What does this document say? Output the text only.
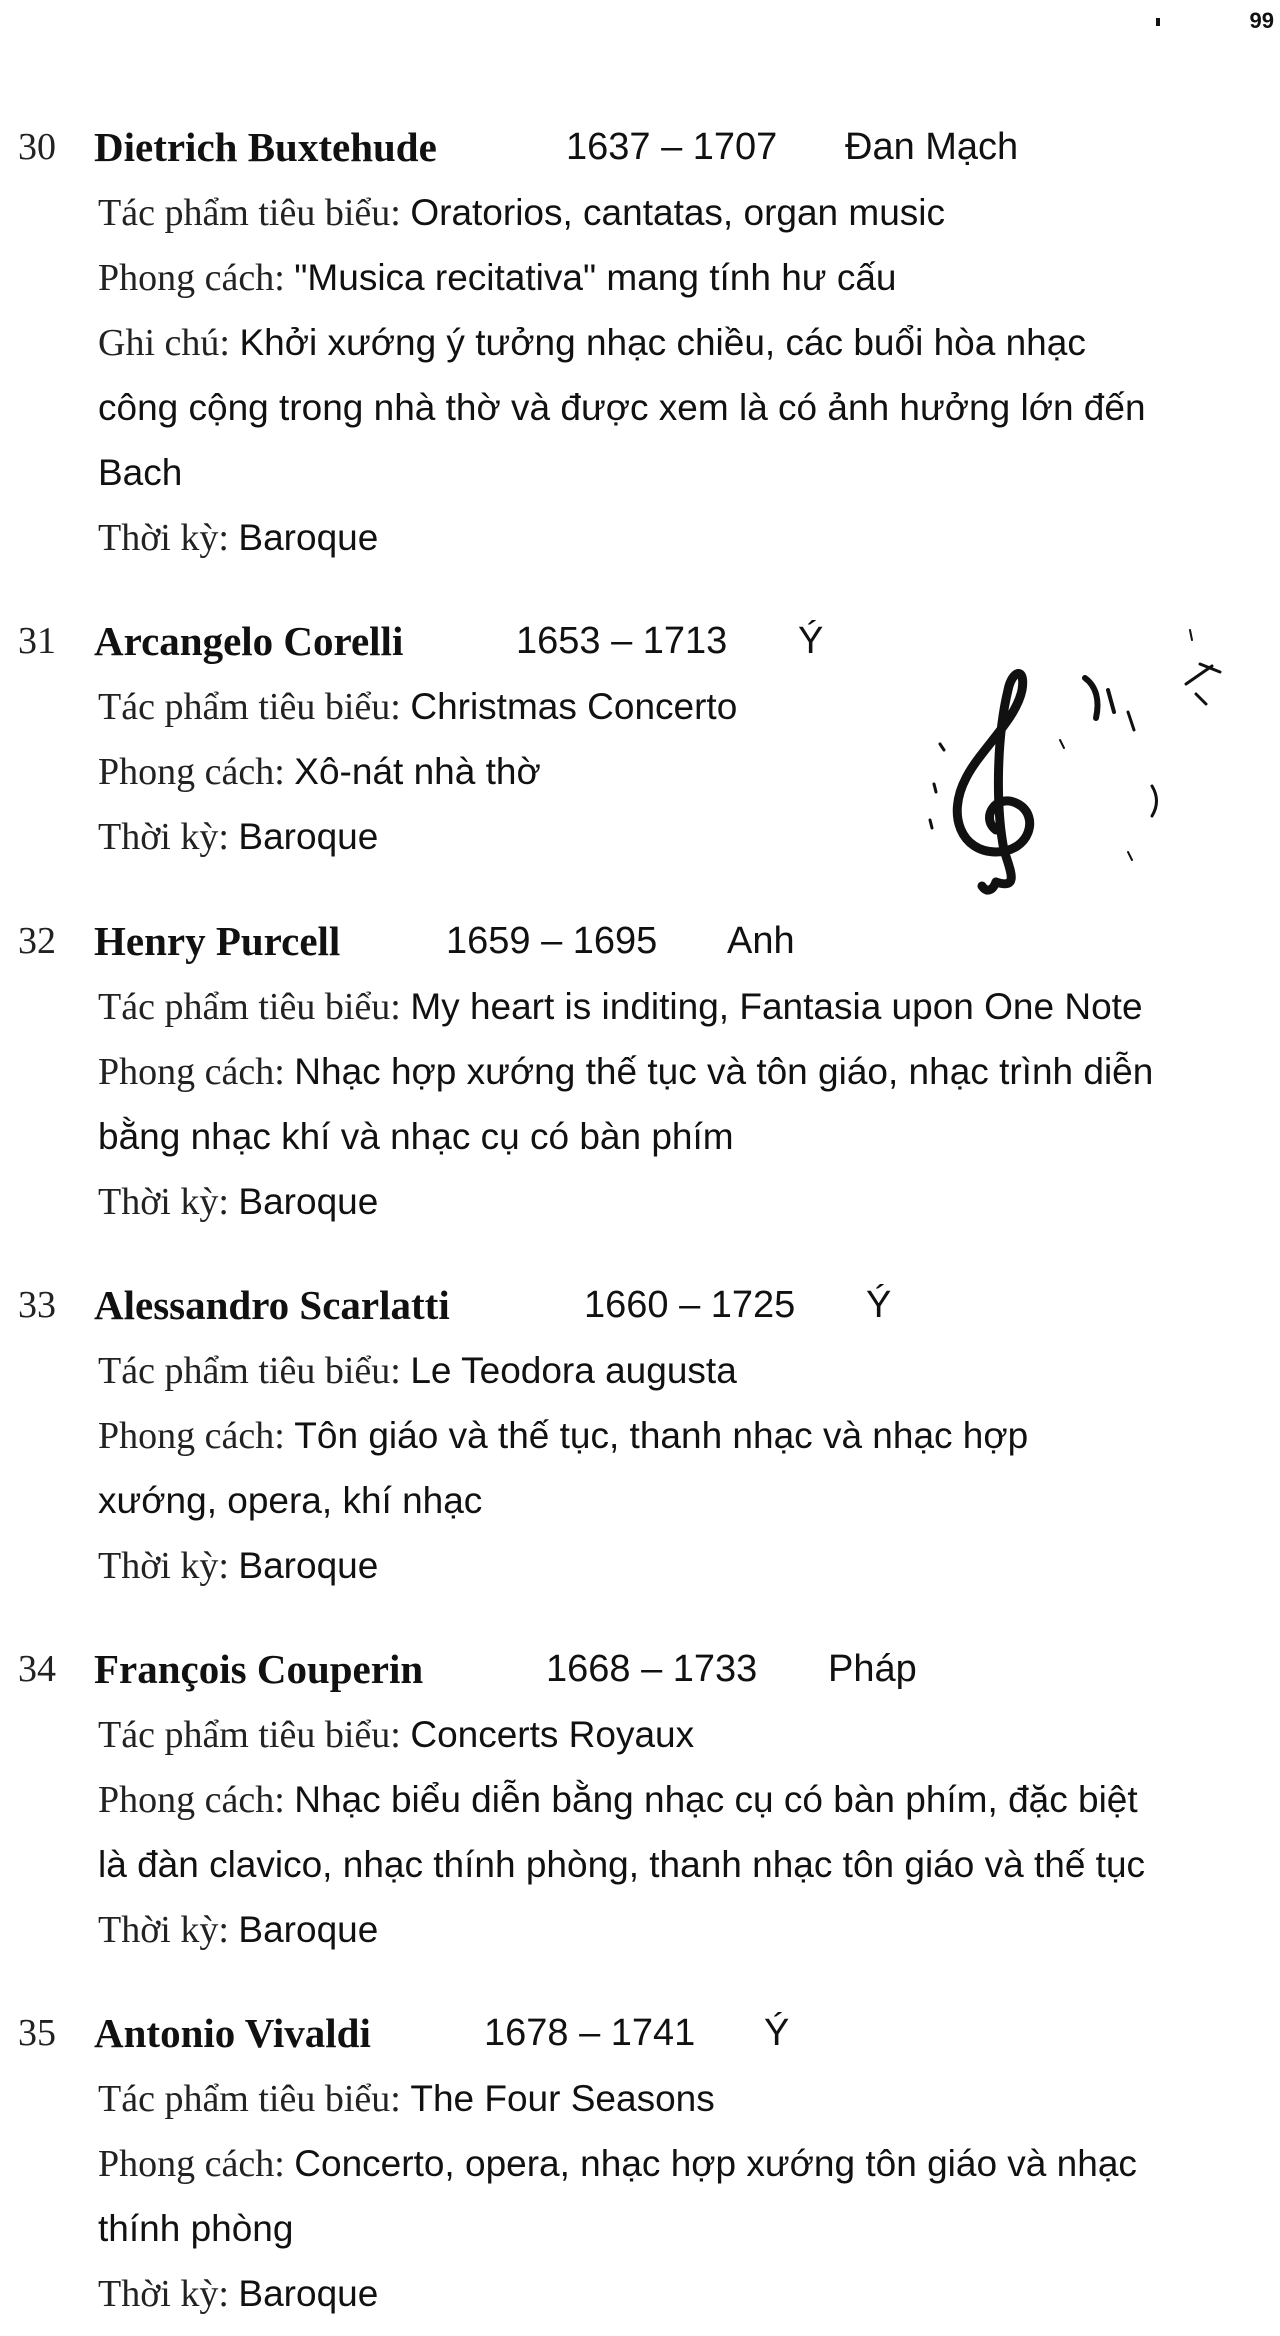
99
30 Dietrich Buxtehude	1637 – 1707 Đan Mạch
Tác phẩm tiêu biểu: Oratorios, cantatas, organ music
Phong cách: "Musica recitativa" mang tính hư cấu
Ghi chú: Khởi xướng ý tưởng nhạc chiều, các buổi hòa nhạc
công cộng trong nhà thờ và được xem là có ảnh hưởng lớn đến
Bach
Thời kỳ: Baroque
31 Arcangelo Corelli	1653 – 1713 Ý
Tác phẩm tiêu biểu: Christmas Concerto
Phong cách: Xô-nát nhà thờ
Thời kỳ: Baroque
32 Henry Purcell	1659 – 1695 Anh
Tác phẩm tiêu biểu: My heart is inditing, Fantasia upon One Note
Phong cách: Nhạc hợp xướng thế tục và tôn giáo, nhạc trình diễn
bằng nhạc khí và nhạc cụ có bàn phím
Thời kỳ: Baroque
33 Alessandro Scarlatti	1660 – 1725 Ý
Tác phẩm tiêu biểu: Le Teodora augusta
Phong cách: Tôn giáo và thế tục, thanh nhạc và nhạc hợp
xướng, opera, khí nhạc
Thời kỳ: Baroque
34 François Couperin	1668 – 1733 Pháp
Tác phẩm tiêu biểu: Concerts Royaux
Phong cách: Nhạc biểu diễn bằng nhạc cụ có bàn phím, đặc biệt
là đàn clavico, nhạc thính phòng, thanh nhạc tôn giáo và thế tục
Thời kỳ: Baroque
35 Antonio Vivaldi	1678 – 1741 Ý
Tác phẩm tiêu biểu: The Four Seasons
Phong cách: Concerto, opera, nhạc hợp xướng tôn giáo và nhạc
thính phòng
Thời kỳ: Baroque
